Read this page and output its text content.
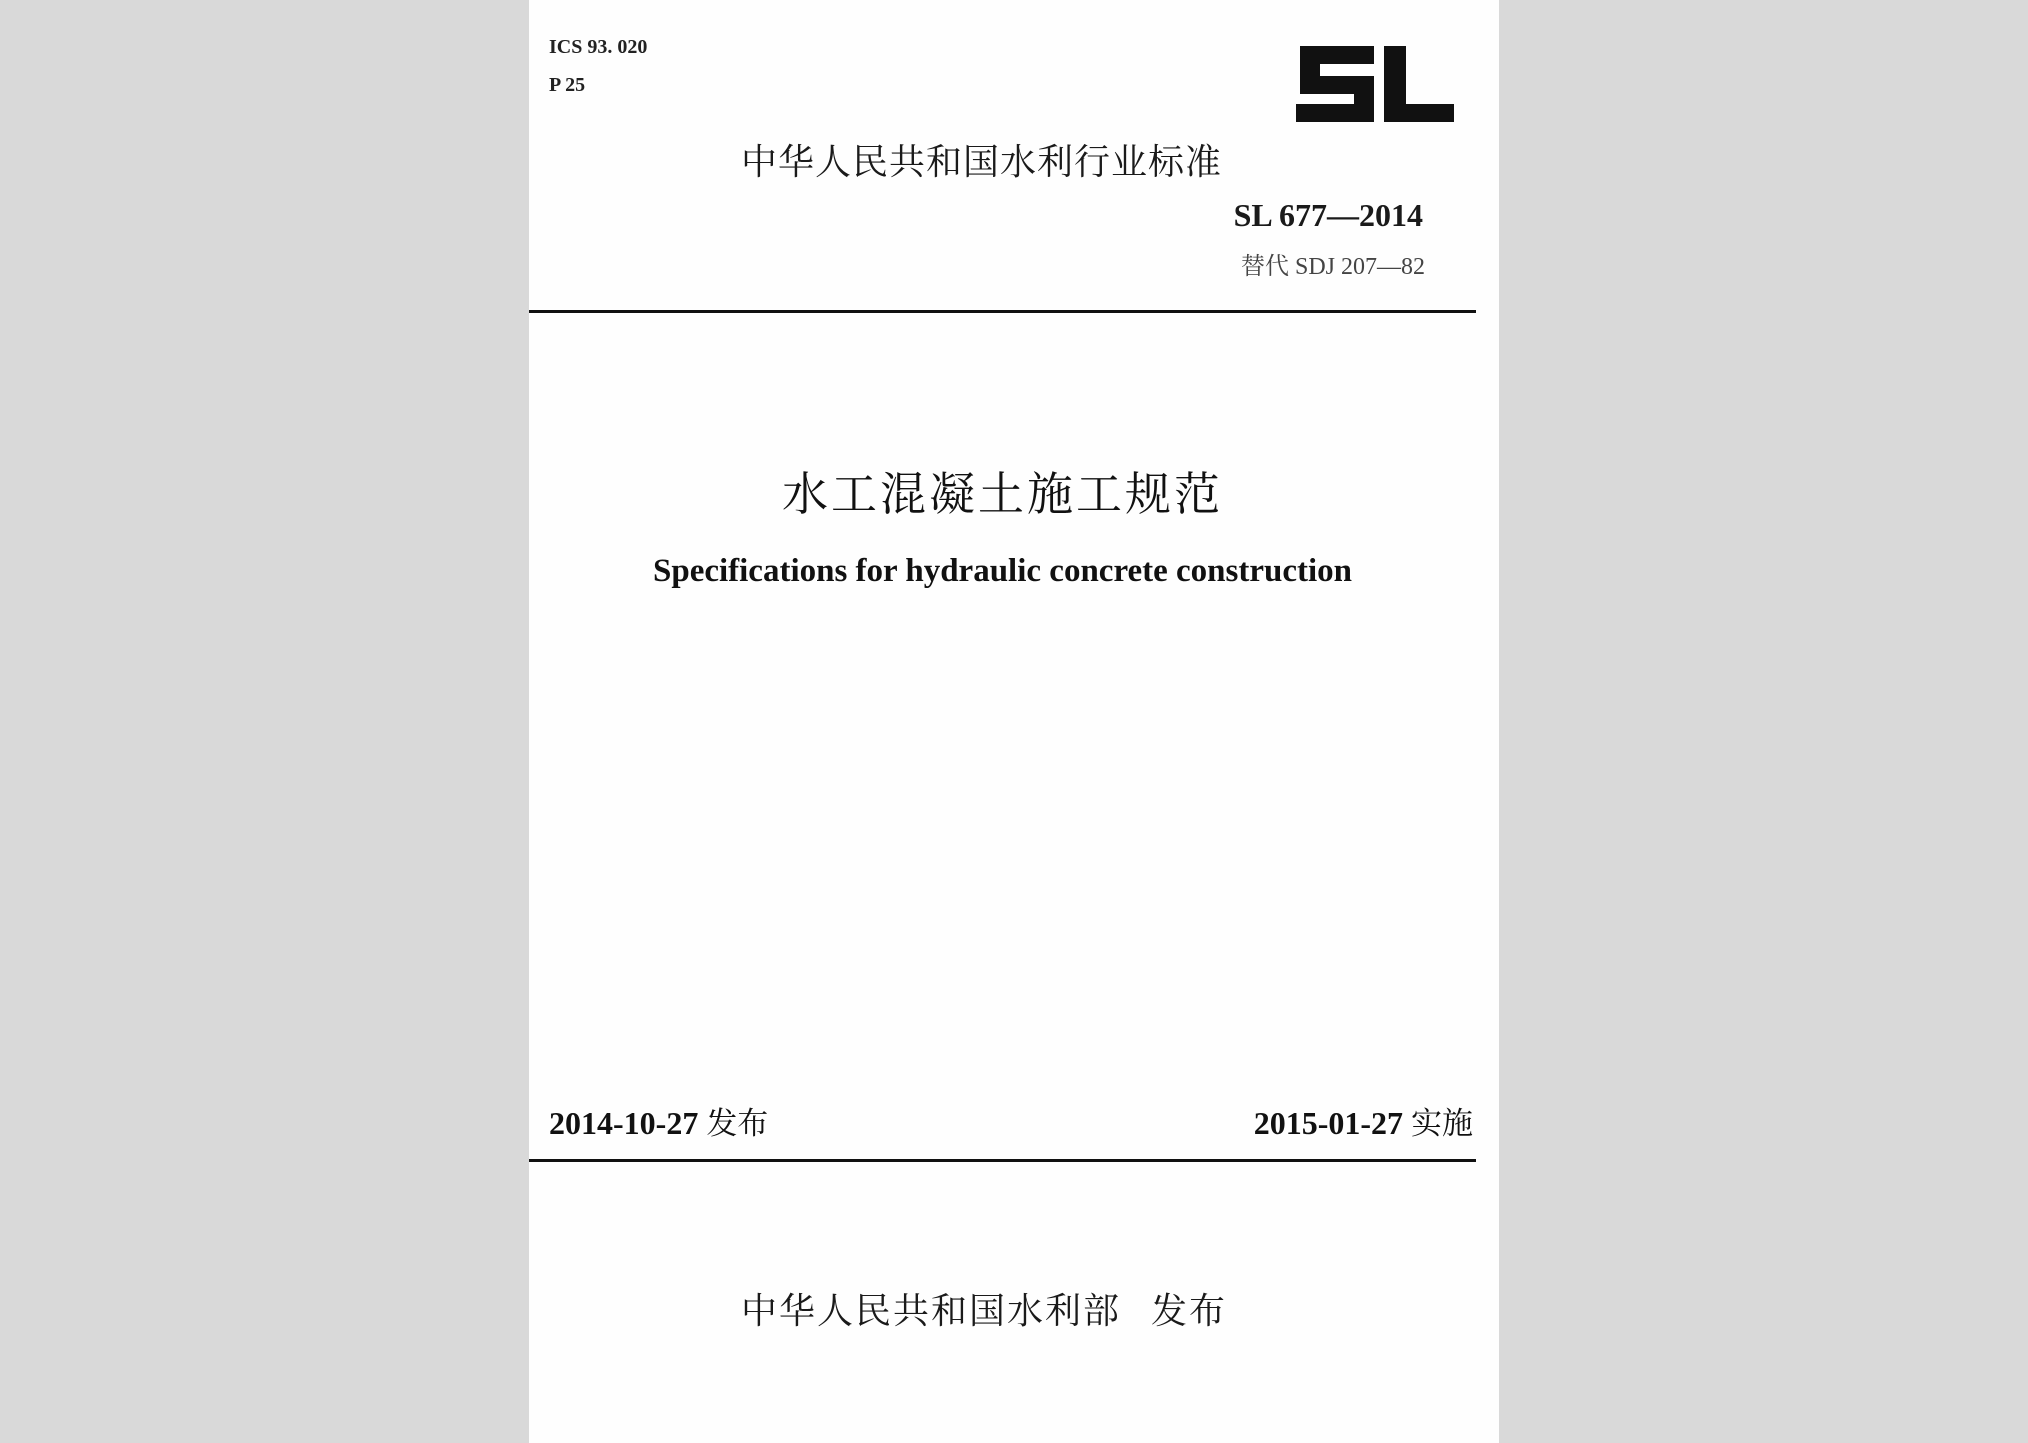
ICS 93. 020
P 25
中华人民共和国水利行业标准
SL 677—2014
替代 SDJ 207—82
水工混凝土施工规范
Specifications for hydraulic concrete construction
2014-10-27 发布	2015-01-27 实施
中华人民共和国水利部 发布
